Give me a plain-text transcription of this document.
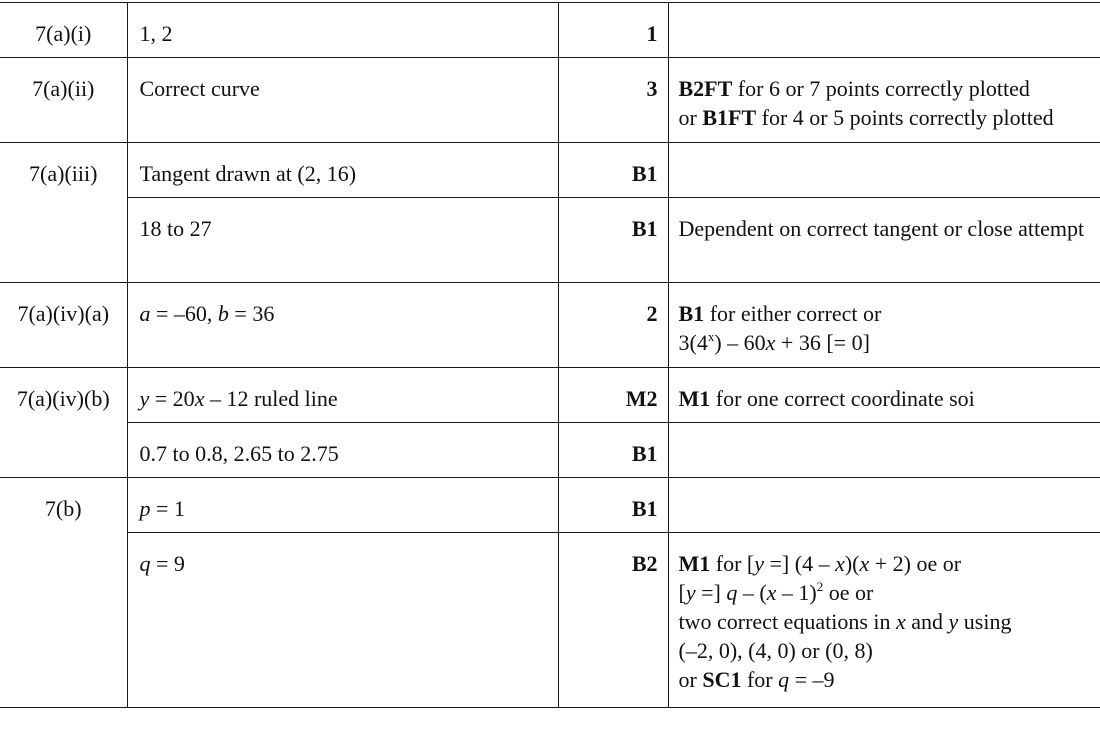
7(a)(i)	1, 2	1	
7(a)(ii)	Correct curve	3	B2FT for 6 or 7 points correctly plotted
or B1FT for 4 or 5 points correctly plotted
7(a)(iii)	Tangent drawn at (2, 16)	B1	
	18 to 27	B1	Dependent on correct tangent or close attempt
7(a)(iv)(a)	a = –60, b = 36	2	B1 for either correct or
3(4$^x$) – 60x + 36 [= 0]
7(a)(iv)(b)	y = 20x – 12 ruled line	M2	M1 for one correct coordinate soi
	0.7 to 0.8, 2.65 to 2.75	B1	
7(b)	p = 1	B1	
	q = 9	B2	M1 for [y =] (4 – x)(x + 2) oe or
[y =] q – (x – 1)$^2$ oe or
two correct equations in x and y using
(–2, 0), (4, 0) or (0, 8)
or SC1 for q = –9
